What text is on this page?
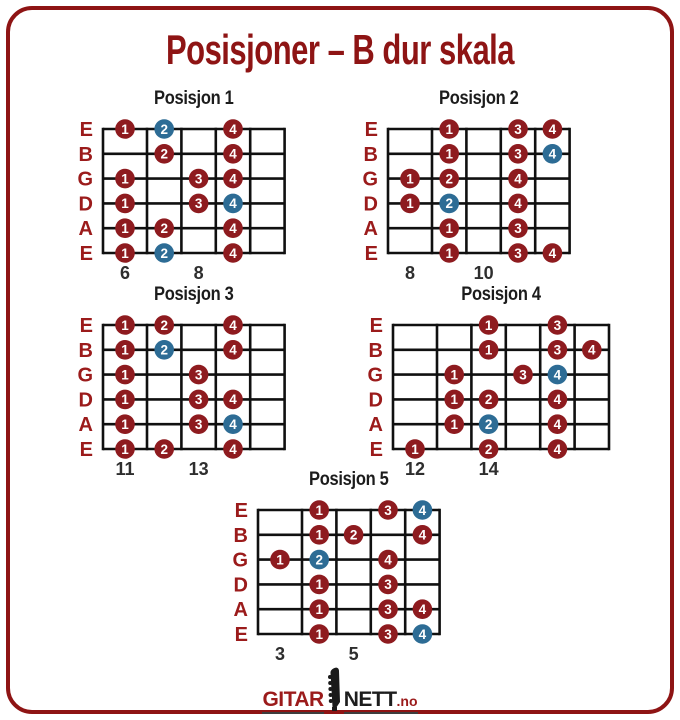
Posisjoner – B dur skala
Posisjon 1
E
B
G
D
A
E
1 2	4
2	4
1	3 4
1	3 4
1 2	4
1 2	4
6	8
Posisjon 2
E
B
G
D
A
E
1	3 4
1	3 4
1 2	4
1 2	4
1	3
1	3 4
8	10
Posisjon 3
E
B
G
D
A
E
1 2	4
1 2	4
1	3
1	3 4
1	3 4
1 2	4
11	13
Posisjon 4
E
B
G
D
A
E
1	3
1	3 4
1	3 4
1 2	4
1 2	4
1	2	4
12	14
Posisjon 5
E
B
G
D
A
E
1	3 4
1 2	4
1 2	4
1	3
1	3 4
1	3 4
3	5
GITAR NETT .no
